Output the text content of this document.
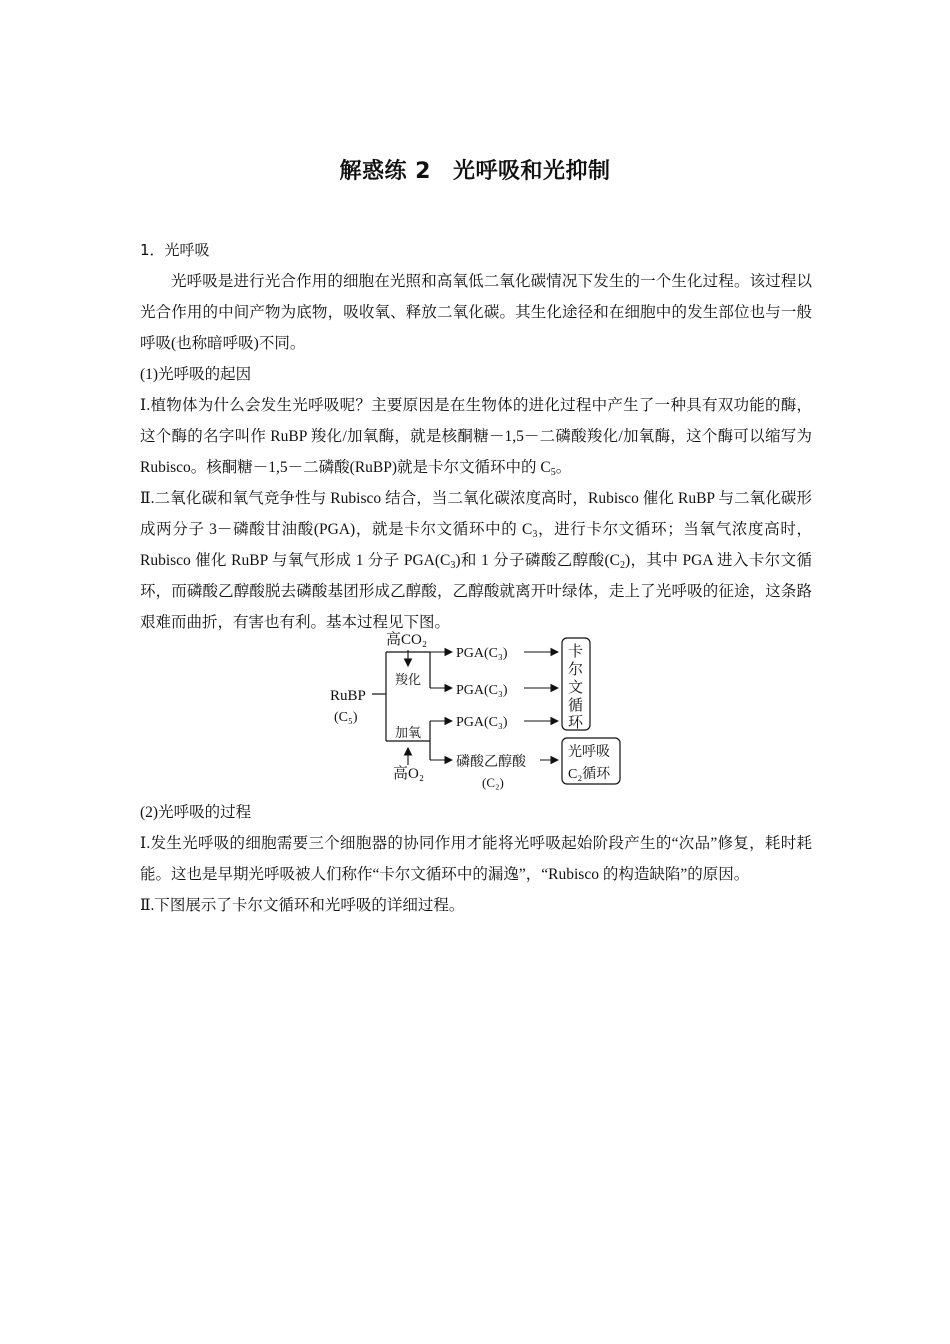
解惑练 2 光呼吸和光抑制

1．光呼吸

光呼吸是进行光合作用的细胞在光照和高氧低二氧化碳情况下发生的一个生化过程。该过程以光合作用的中间产物为底物，吸收氧、释放二氧化碳。其生化途径和在细胞中的发生部位也与一般呼吸(也称暗呼吸)不同。

(1)光呼吸的起因

Ⅰ.植物体为什么会发生光呼吸呢？主要原因是在生物体的进化过程中产生了一种具有双功能的酶，这个酶的名字叫作 RuBP 羧化/加氧酶，就是核酮糖－1,5－二磷酸羧化/加氧酶，这个酶可以缩写为 Rubisco。核酮糖－1,5－二磷酸(RuBP)就是卡尔文循环中的 $C_5$。

Ⅱ.二氧化碳和氧气竞争性与 Rubisco 结合，当二氧化碳浓度高时，Rubisco 催化 RuBP 与二氧化碳形成两分子 3－磷酸甘油酸(PGA)，就是卡尔文循环中的 $C_3$，进行卡尔文循环；当氧气浓度高时，Rubisco 催化 RuBP 与氧气形成 1 分子 $PGA(C_3)$和 1 分子磷酸乙醇酸$(C_2)$，其中 PGA 进入卡尔文循环，而磷酸乙醇酸脱去磷酸基团形成乙醇酸，乙醇酸就离开叶绿体，走上了光呼吸的征途，这条路艰难而曲折，有害也有利。基本过程见下图。

RuBP
(C₅)
高CO₂
羧化
加氧
高O₂
PGA(C₃)
PGA(C₃)
PGA(C₃)
磷酸乙醇酸
(C₂)
卡
尔
文
循
环
光呼吸
C₂循环

(2)光呼吸的过程

Ⅰ.发生光呼吸的细胞需要三个细胞器的协同作用才能将光呼吸起始阶段产生的“次品”修复，耗时耗能。这也是早期光呼吸被人们称作“卡尔文循环中的漏逸”，“Rubisco 的构造缺陷”的原因。

Ⅱ.下图展示了卡尔文循环和光呼吸的详细过程。
